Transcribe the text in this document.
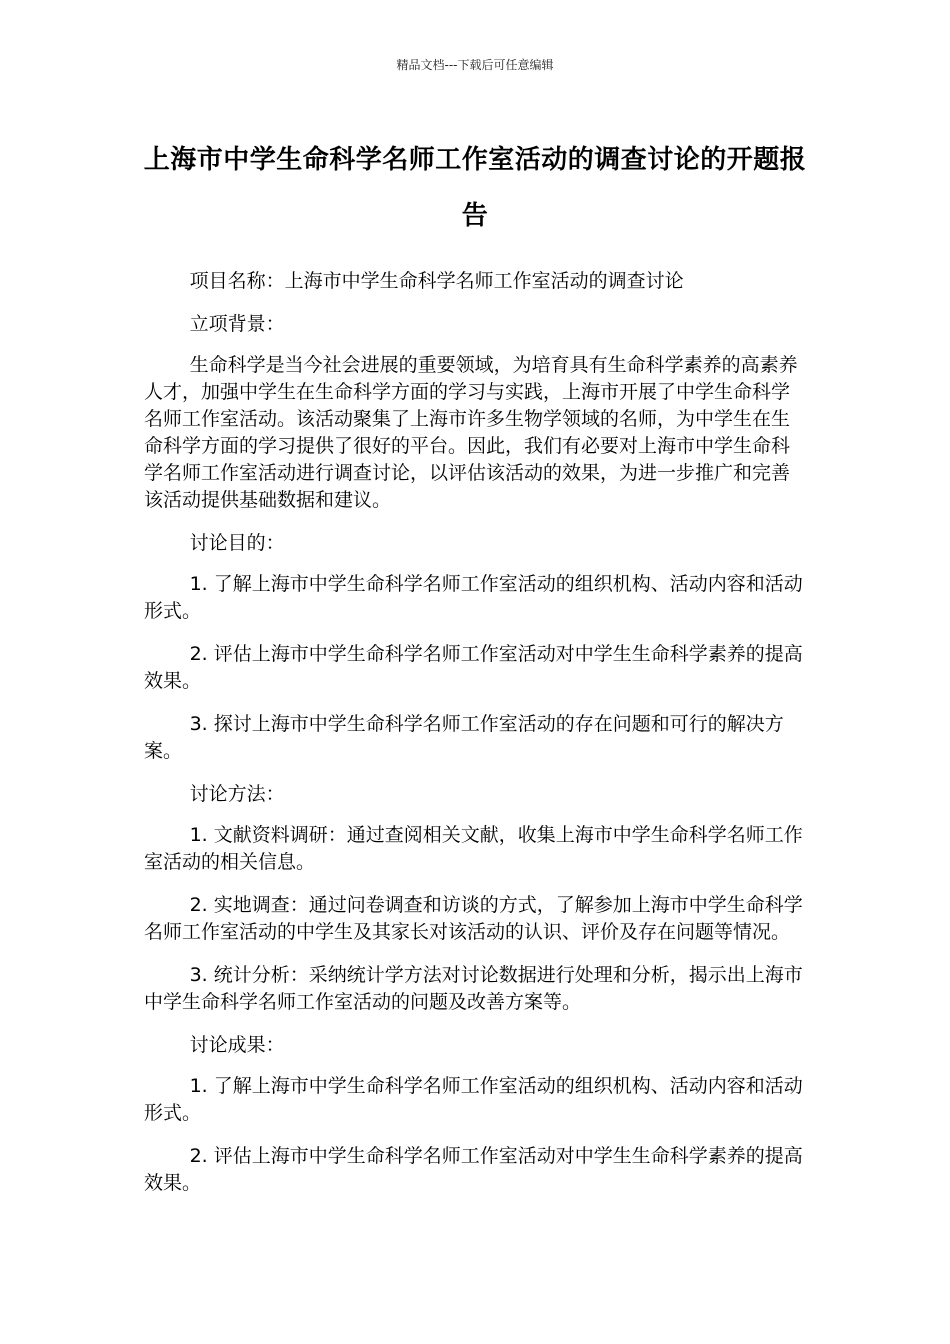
精品文档---下载后可任意编辑
上海市中学生命科学名师工作室活动的调查讨论的开题报告

项目名称：上海市中学生命科学名师工作室活动的调查讨论

立项背景：

生命科学是当今社会进展的重要领域，为培育具有生命科学素养的高素养人才，加强中学生在生命科学方面的学习与实践，上海市开展了中学生命科学名师工作室活动。该活动聚集了上海市许多生物学领域的名师，为中学生在生命科学方面的学习提供了很好的平台。因此，我们有必要对上海市中学生命科学名师工作室活动进行调查讨论，以评估该活动的效果，为进一步推广和完善该活动提供基础数据和建议。

讨论目的：

1. 了解上海市中学生命科学名师工作室活动的组织机构、活动内容和活动形式。

2. 评估上海市中学生命科学名师工作室活动对中学生生命科学素养的提高效果。

3. 探讨上海市中学生命科学名师工作室活动的存在问题和可行的解决方案。

讨论方法：

1. 文献资料调研：通过查阅相关文献，收集上海市中学生命科学名师工作室活动的相关信息。

2. 实地调查：通过问卷调查和访谈的方式，了解参加上海市中学生命科学名师工作室活动的中学生及其家长对该活动的认识、评价及存在问题等情况。

3. 统计分析：采纳统计学方法对讨论数据进行处理和分析，揭示出上海市中学生命科学名师工作室活动的问题及改善方案等。

讨论成果：

1. 了解上海市中学生命科学名师工作室活动的组织机构、活动内容和活动形式。

2. 评估上海市中学生命科学名师工作室活动对中学生生命科学素养的提高效果。
